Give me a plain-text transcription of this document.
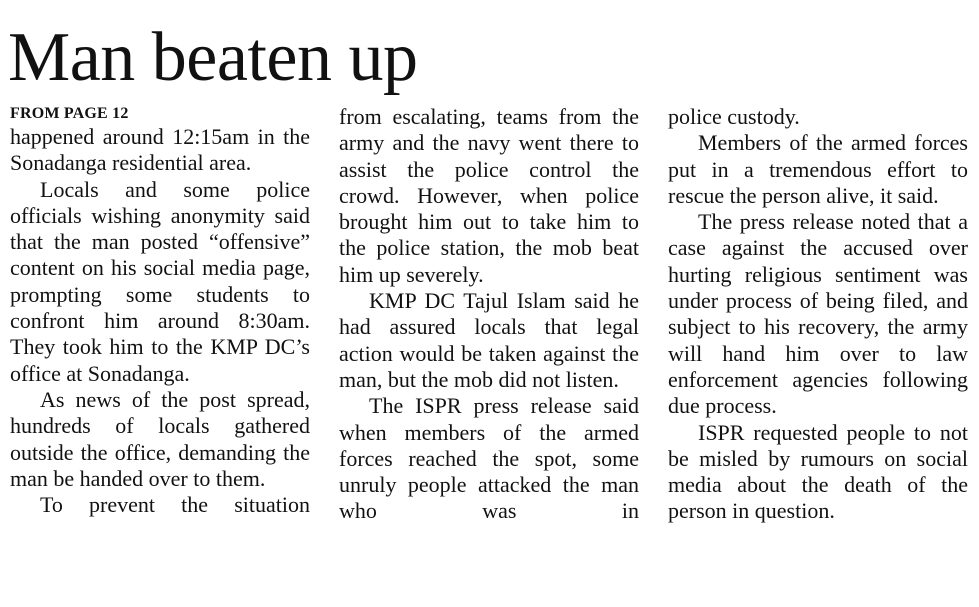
Man beaten up
FROM PAGE 12

happened around 12:15am in the Sonadanga residential area.

Locals and some police officials wishing anonymity said that the man posted “offensive” content on his social media page, prompting some students to confront him around 8:30am. They took him to the KMP DC’s office at Sonadanga.

As news of the post spread, hundreds of locals gathered outside the office, demanding the man be handed over to them.

To prevent the situation

from escalating, teams from the army and the navy went there to assist the police control the crowd. However, when police brought him out to take him to the police station, the mob beat him up severely.

KMP DC Tajul Islam said he had assured locals that legal action would be taken against the man, but the mob did not listen.

The ISPR press release said when members of the armed forces reached the spot, some unruly people attacked the man who was in

police custody.

Members of the armed forces put in a tremendous effort to rescue the person alive, it said.

The press release noted that a case against the accused over hurting religious sentiment was under process of being filed, and subject to his recovery, the army will hand him over to law enforcement agencies following due process.

ISPR requested people to not be misled by rumours on social media about the death of the person in question.
